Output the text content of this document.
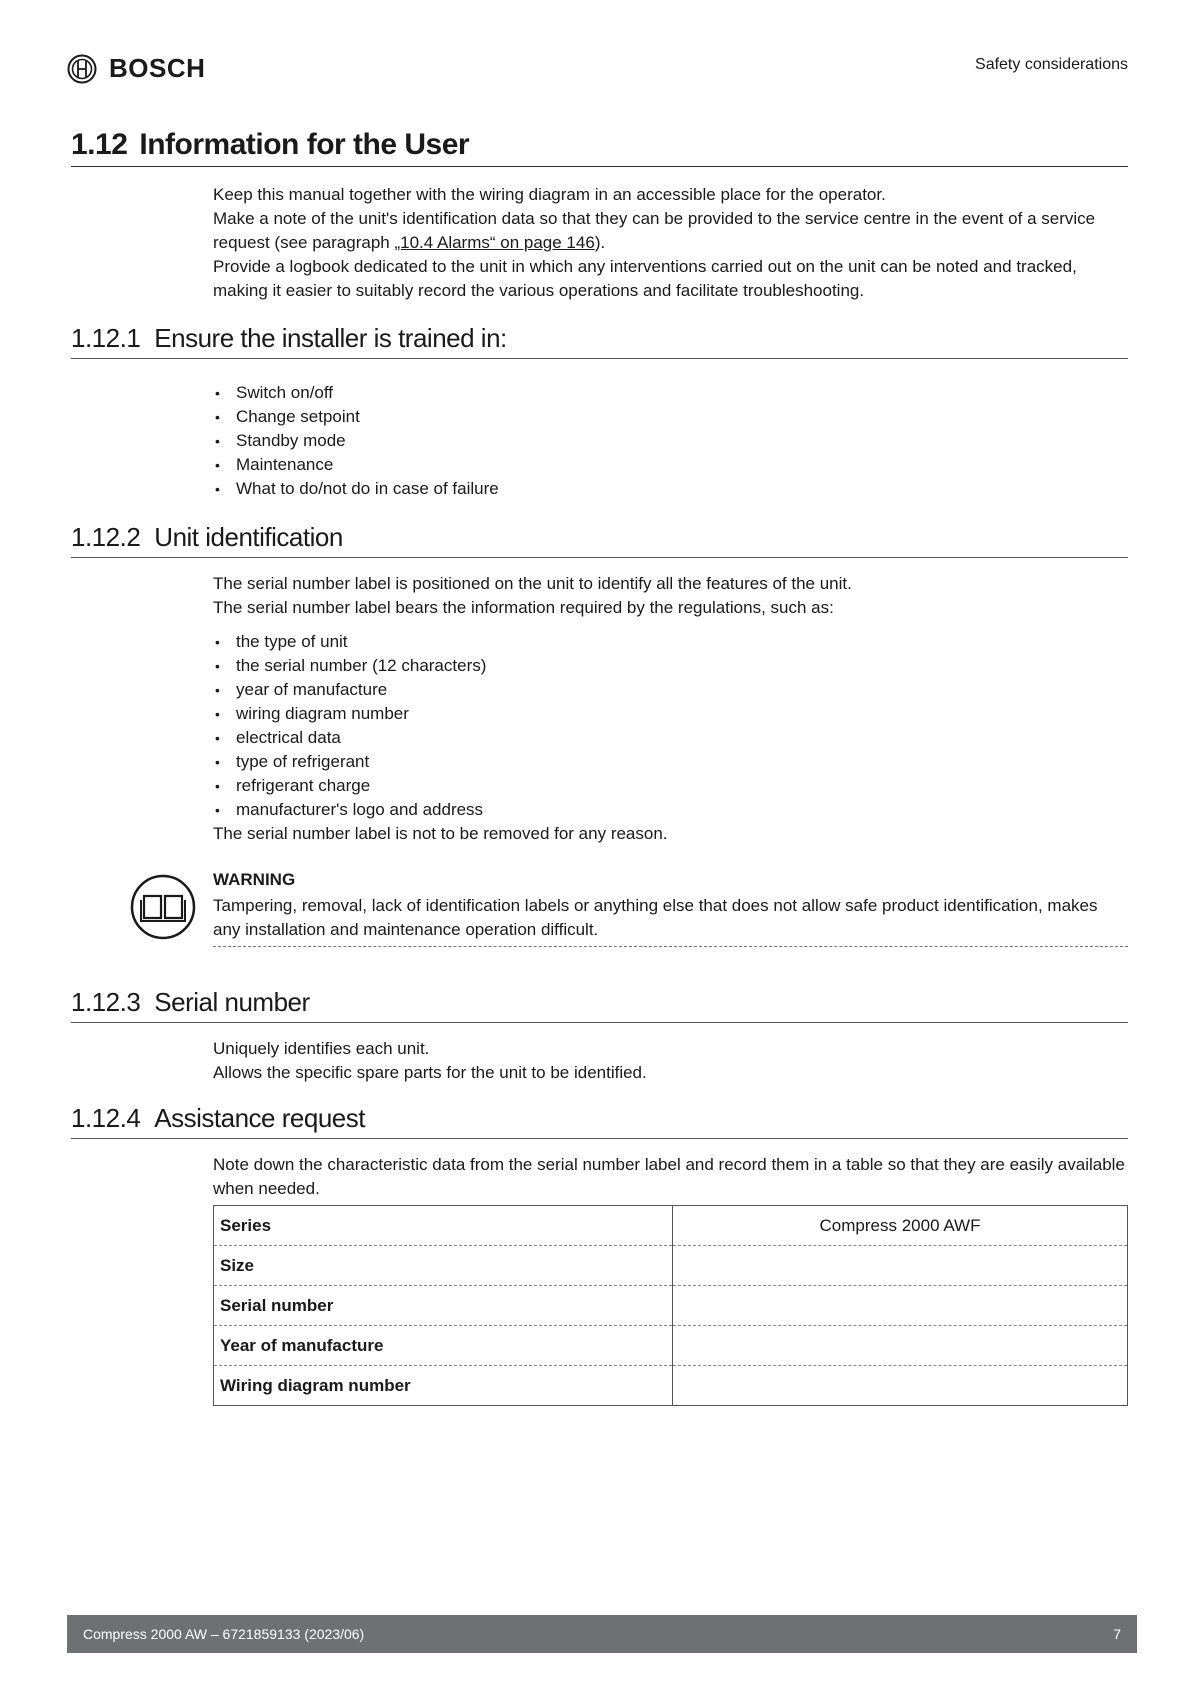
BOSCH	Safety considerations
1.12 Information for the User

Keep this manual together with the wiring diagram in an accessible place for the operator.

Make a note of the unit's identification data so that they can be provided to the service centre in the event of a service request (see paragraph „10.4 Alarms“ on page 146).

Provide a logbook dedicated to the unit in which any interventions carried out on the unit can be noted and tracked, making it easier to suitably record the various operations and facilitate troubleshooting.

1.12.1 Ensure the installer is trained in:
• Switch on/off
• Change setpoint
• Standby mode
• Maintenance
• What to do/not do in case of failure
1.12.2 Unit identification

The serial number label is positioned on the unit to identify all the features of the unit.

The serial number label bears the information required by the regulations, such as:

• the type of unit
• the serial number (12 characters)
• year of manufacture
• wiring diagram number
• electrical data
• type of refrigerant
• refrigerant charge
• manufacturer's logo and address

The serial number label is not to be removed for any reason.

WARNING
Tampering, removal, lack of identification labels or anything else that does not allow safe product identification, makes any installation and maintenance operation difficult.
1.12.3 Serial number

Uniquely identifies each unit.

Allows the specific spare parts for the unit to be identified.

1.12.4 Assistance request

Note down the characteristic data from the serial number label and record them in a table so that they are easily available when needed.

Series	Compress 2000 AWF
Size	
Serial number	
Year of manufacture	
Wiring diagram number	
Compress 2000 AW – 6721859133 (2023/06)	7
